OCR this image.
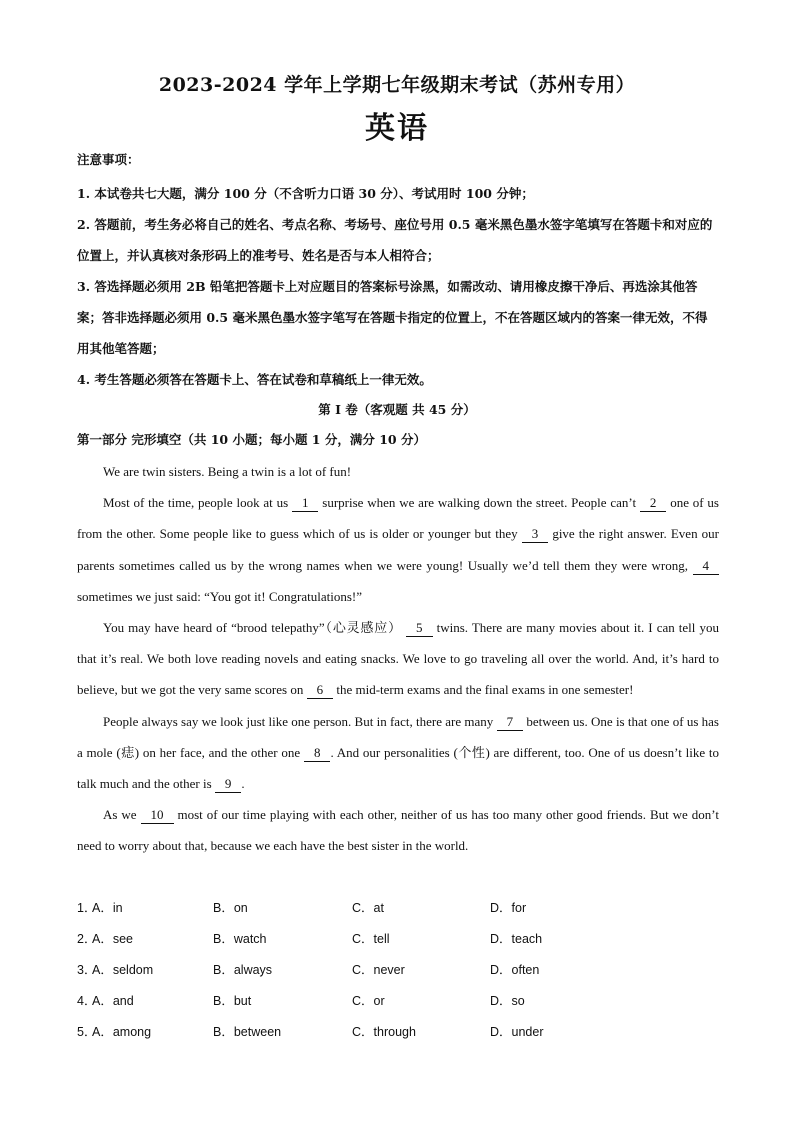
2023-2024 学年上学期七年级期末考试（苏州专用）
英语
注意事项：
1. 本试卷共七大题，满分 100 分（不含听力口语 30 分）、考试用时 100 分钟；
2. 答题前，考生务必将自己的姓名、考点名称、考场号、座位号用 0.5 毫米黑色墨水签字笔填写在答题卡和对应的位置上，并认真核对条形码上的准考号、姓名是否与本人相符合；
3. 答选择题必须用 2B 铅笔把答题卡上对应题目的答案标号涂黑，如需改动、请用橡皮擦干净后、再选涂其他答案；答非选择题必须用 0.5 毫米黑色墨水签字笔写在答题卡指定的位置上，不在答题区域内的答案一律无效，不得用其他笔答题；
4. 考生答题必须答在答题卡上、答在试卷和草稿纸上一律无效。
第 I 卷（客观题 共 45 分）
第一部分 完形填空（共 10 小题；每小题 1 分，满分 10 分）

We are twin sisters. Being a twin is a lot of fun!

Most of the time, people look at us 1 surprise when we are walking down the street. People can’t 2 one of us from the other. Some people like to guess which of us is older or younger but they 3 give the right answer. Even our parents sometimes called us by the wrong names when we were young! Usually we’d tell them they were wrong, 4 sometimes we just said: “You got it! Congratulations!”

You may have heard of “brood telepathy”（心灵感应） 5 twins. There are many movies about it. I can tell you that it’s real. We both love reading novels and eating snacks. We love to go traveling all over the world. And, it’s hard to believe, but we got the very same scores on 6 the mid-term exams and the final exams in one semester!

People always say we look just like one person. But in fact, there are many 7 between us. One is that one of us has a mole (痣) on her face, and the other one 8 . And our personalities (个性) are different, too. One of us doesn’t like to talk much and the other is 9 .

As we 10 most of our time playing with each other, neither of us has too many other good friends. But we don’t need to worry about that, because we each have the best sister in the world.

1．
A．in	B．on	C．at	D．for
2．
A．see	B．watch	C．tell	D．teach
3．
A．seldom	B．always	C．never	D．often
4．
A．and	B．but	C．or	D．so
5．
A．among	B．between	C．through	D．under
